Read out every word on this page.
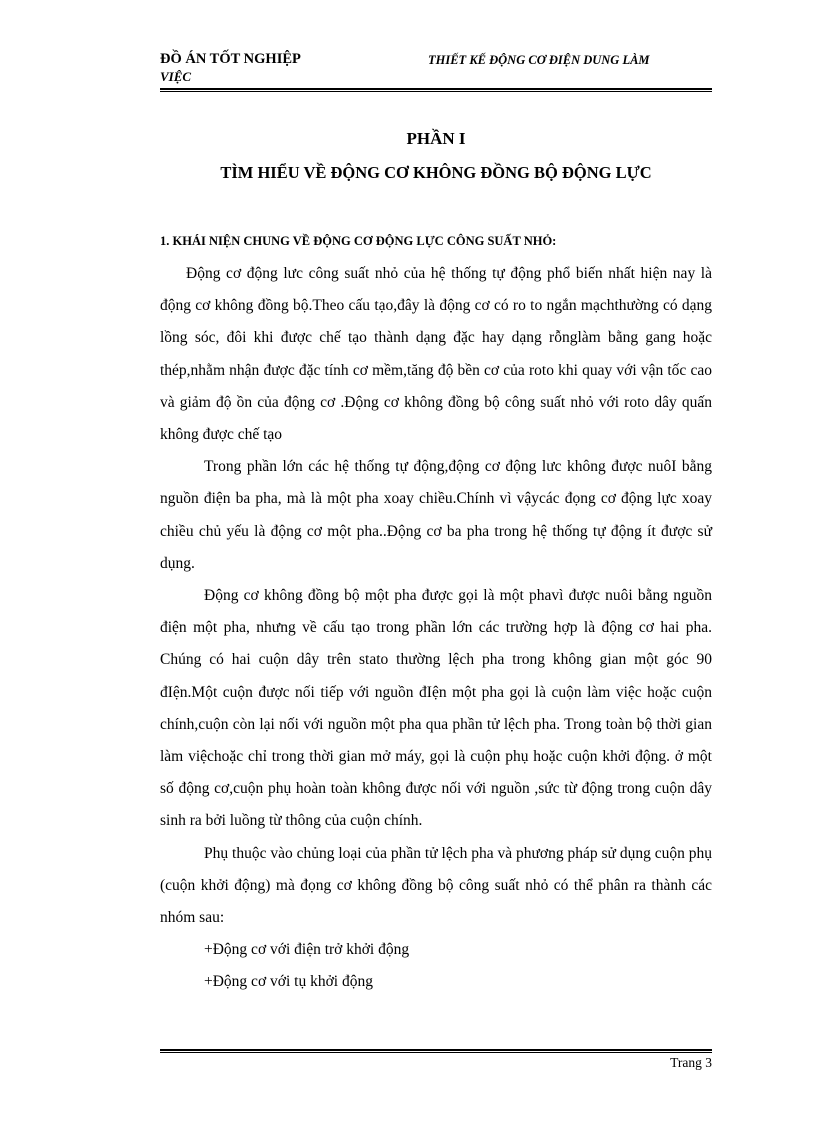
ĐỒ ÁN TỐT NGHIỆP
VIỆC
THIẾT KẾ ĐỘNG CƠ ĐIỆN DUNG LÀM
PHẦN I
TÌM HIỂU VỀ ĐỘNG CƠ KHÔNG ĐỒNG BỘ ĐỘNG LỰC
1. KHÁI NIỆN CHUNG VỀ ĐỘNG CƠ ĐỘNG LỰC CÔNG SUẤT NHỎ:

Động cơ động lưc công suất nhỏ của hệ thống tự động phổ biến nhất hiện nay là động cơ không đồng bộ.Theo cấu tạo,đây là động cơ có ro to ngắn mạchthường có dạng lồng sóc, đôi khi được chế tạo thành dạng đặc hay dạng rỗnglàm bằng gang hoặc thép,nhằm nhận được đặc tính cơ mềm,tăng độ bền cơ của roto khi quay với vận tốc cao và giảm độ ồn của động cơ .Động cơ không đồng bộ công suất nhỏ với roto dây quấn không được chế tạo

Trong phần lớn các hệ thống tự động,động cơ động lưc không được nuôI bằng nguồn điện ba pha, mà là một pha xoay chiều.Chính vì vậycác đọng cơ động lực xoay chiều chủ yếu là động cơ một pha..Động cơ ba pha trong hệ thống tự động ít được sử dụng.

Động cơ không đồng bộ một pha được gọi là một phavì được nuôi bằng nguồn điện một pha, nhưng về cấu tạo trong phần lớn các trường hợp là động cơ hai pha. Chúng có hai cuộn dây trên stato thường lệch pha trong không gian một góc 90 đIện.Một cuộn được nối tiếp với nguồn đIện một pha gọi là cuộn làm việc hoặc cuộn chính,cuộn còn lại nối với nguồn một pha qua phần tử lệch pha. Trong toàn bộ thời gian làm việchoặc chỉ trong thời gian mở máy, gọi là cuộn phụ hoặc cuộn khởi động. ở một số động cơ,cuộn phụ hoàn toàn không được nối với nguồn ,sức từ động trong cuộn dây sinh ra bởi luồng từ thông của cuộn chính.

Phụ thuộc vào chủng loại của phần tử lệch pha và phương pháp sử dụng cuộn phụ (cuộn khởi động) mà đọng cơ không đồng bộ công suất nhỏ có thể phân ra thành các nhóm sau:

+Động cơ với điện trở khởi động

+Động cơ với tụ khởi động

Trang 3
